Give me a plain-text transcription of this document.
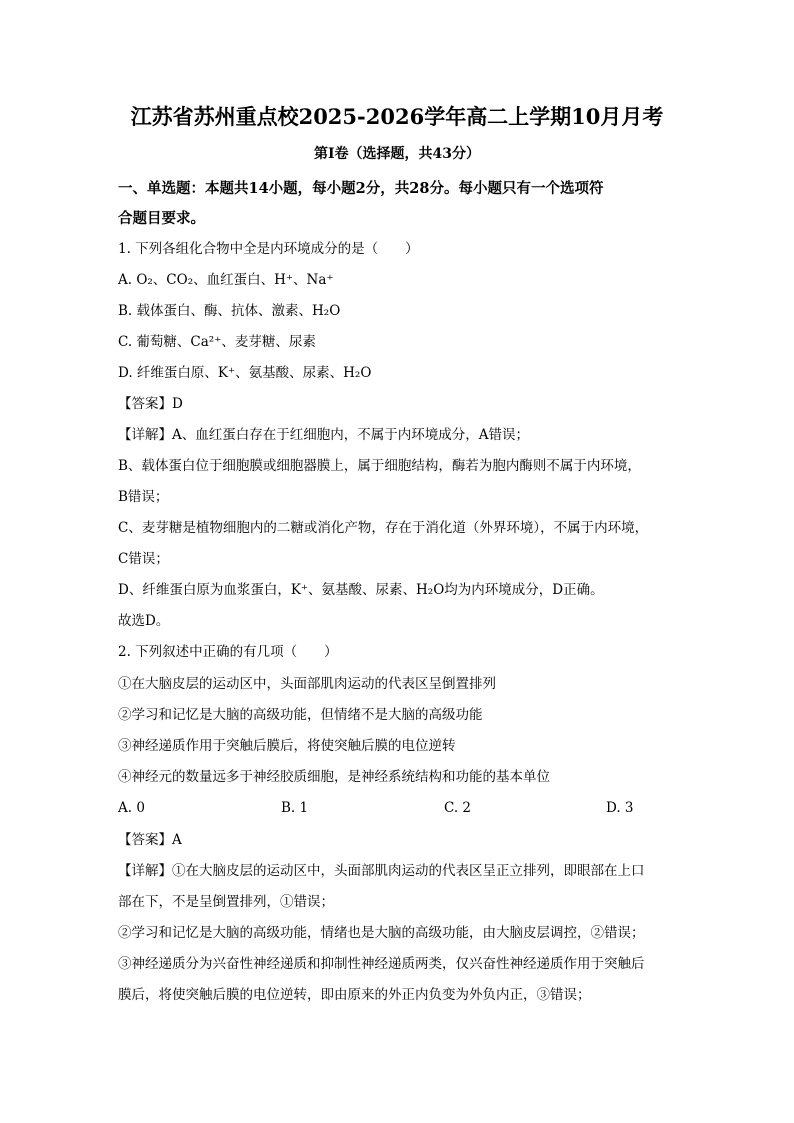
江苏省苏州重点校2025-2026学年高二上学期10月月考
第I卷（选择题，共43分）
一、单选题：本题共14小题，每小题2分，共28分。每小题只有一个选项符
合题目要求。
1. 下列各组化合物中全是内环境成分的是（　　）
A. O₂、CO₂、血红蛋白、H⁺、Na⁺
B. 载体蛋白、酶、抗体、激素、H₂O
C. 葡萄糖、Ca²⁺、麦芽糖、尿素
D. 纤维蛋白原、K⁺、氨基酸、尿素、H₂O
【答案】D
【详解】A、血红蛋白存在于红细胞内，不属于内环境成分，A错误；
B、载体蛋白位于细胞膜或细胞器膜上，属于细胞结构，酶若为胞内酶则不属于内环境，
B错误；
C、麦芽糖是植物细胞内的二糖或消化产物，存在于消化道（外界环境），不属于内环境，
C错误；
D、纤维蛋白原为血浆蛋白，K⁺、氨基酸、尿素、H₂O均为内环境成分，D正确。
故选D。
2. 下列叙述中正确的有几项（　　）
①在大脑皮层的运动区中，头面部肌肉运动的代表区呈倒置排列
②学习和记忆是大脑的高级功能，但情绪不是大脑的高级功能
③神经递质作用于突触后膜后，将使突触后膜的电位逆转
④神经元的数量远多于神经胶质细胞，是神经系统结构和功能的基本单位
A. 0	B. 1	C. 2	D. 3
【答案】A
【详解】①在大脑皮层的运动区中，头面部肌肉运动的代表区呈正立排列，即眼部在上口
部在下，不是呈倒置排列，①错误；
②学习和记忆是大脑的高级功能，情绪也是大脑的高级功能，由大脑皮层调控，②错误；
③神经递质分为兴奋性神经递质和抑制性神经递质两类，仅兴奋性神经递质作用于突触后
膜后，将使突触后膜的电位逆转，即由原来的外正内负变为外负内正，③错误；
